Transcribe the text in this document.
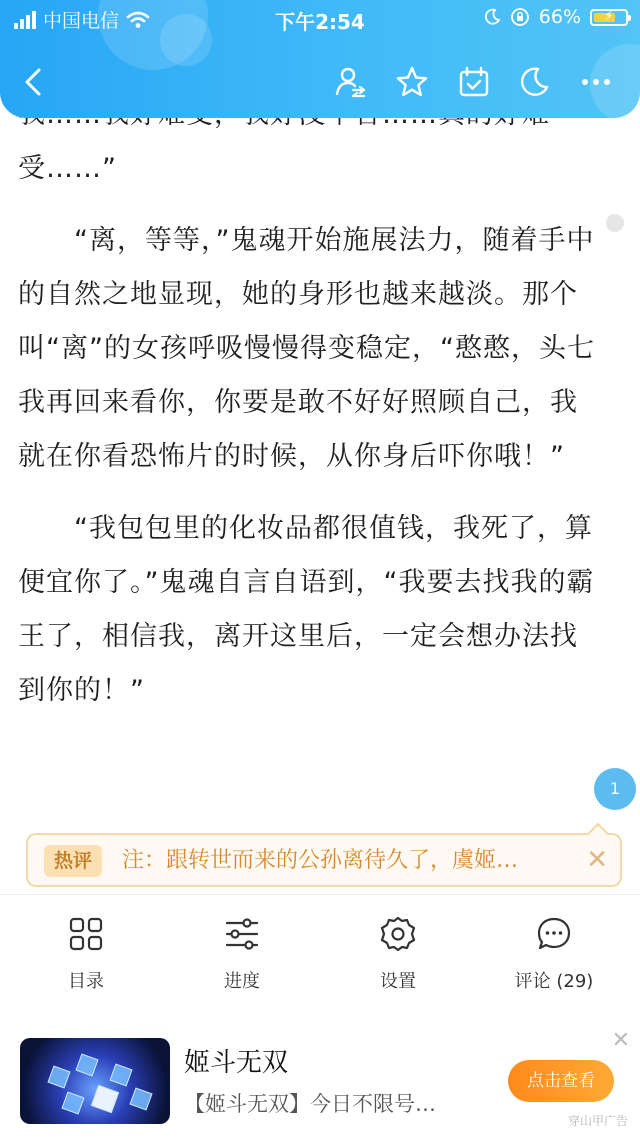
中国电信	下午2:54	66%	⚡

受……”

“离，等等，”鬼魂开始施展法力，随着手中的自然之地显现，她的身形也越来越淡。那个叫“离”的女孩呼吸慢慢得变稳定，“憨憨，头七我再回来看你，你要是敢不好好照顾自己，我就在你看恐怖片的时候，从你身后吓你哦！”

“我包包里的化妆品都很值钱，我死了，算便宜你了。”鬼魂自言自语到，“我要去找我的霸王了，相信我，离开这里后，一定会想办法找到你的！”

1
热评	注：跟转世而来的公孙离待久了，虞姬…	✕
目录	进度	设置	评论 (29)
姬斗无双
【姬斗无双】今日不限号…
点击查看
✕
穿山甲广告
